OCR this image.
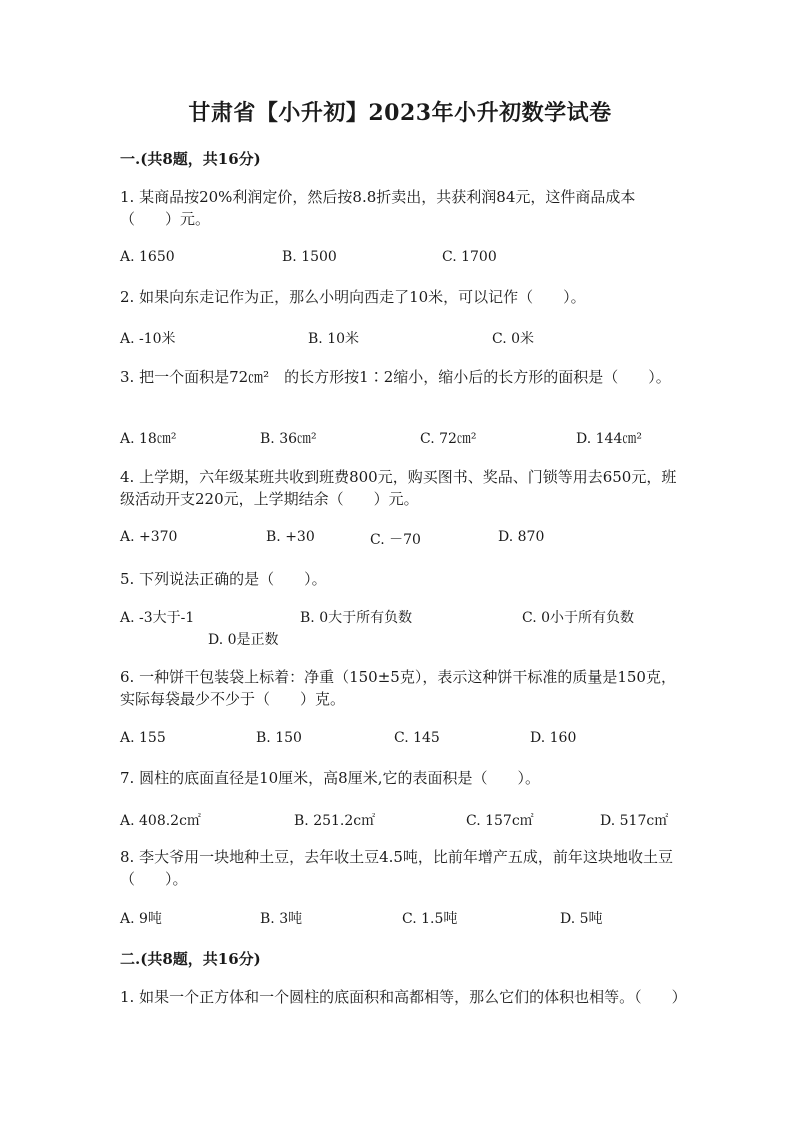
甘肃省【小升初】2023年小升初数学试卷
一.(共8题，共16分)
1. 某商品按20%利润定价，然后按8.8折卖出，共获利润84元，这件商品成本（　　）元。
A. 1650	B. 1500	C. 1700
2. 如果向东走记作为正，那么小明向西走了10米，可以记作（　　）。
A. -10米	B. 10米	C. 0米
3. 把一个面积是72㎝²　的长方形按1∶2缩小，缩小后的长方形的面积是（　　）。
A. 18㎝²	B. 36㎝²	C. 72㎝²	D. 144㎝²
4. 上学期，六年级某班共收到班费800元，购买图书、奖品、门锁等用去650元，班级活动开支220元，上学期结余（　　）元。
A. +370	B. +30	C. －70	D. 870
5. 下列说法正确的是（　　）。
A. -3大于-1	B. 0大于所有负数	C. 0小于所有负数
D. 0是正数
6. 一种饼干包装袋上标着：净重（150±5克），表示这种饼干标准的质量是150克，实际每袋最少不少于（　　）克。
A. 155	B. 150	C. 145	D. 160
7. 圆柱的底面直径是10厘米，高8厘米,它的表面积是（　　）。
A. 408.2c㎡	B. 251.2c㎡	C. 157c㎡	D. 517c㎡
8. 李大爷用一块地种土豆，去年收土豆4.5吨，比前年增产五成，前年这块地收土豆（　　）。
A. 9吨	B. 3吨	C. 1.5吨	D. 5吨
二.(共8题，共16分)
1. 如果一个正方体和一个圆柱的底面积和高都相等，那么它们的体积也相等。（　　）
